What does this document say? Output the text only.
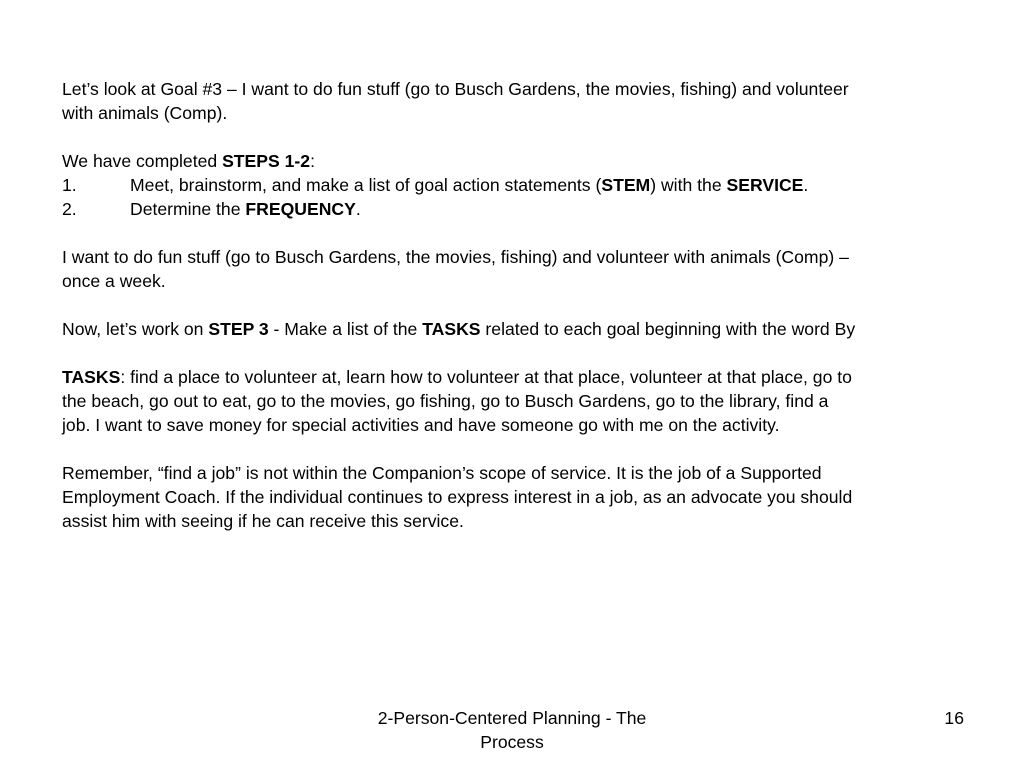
Let’s look at Goal #3 – I want to do fun stuff (go to Busch Gardens, the movies, fishing) and volunteer
with animals (Comp).

We have completed STEPS 1-2:
1.	Meet, brainstorm, and make a list of goal action statements (STEM) with the SERVICE.
2.	Determine the FREQUENCY.

I want to do fun stuff (go to Busch Gardens, the movies, fishing) and volunteer with animals (Comp) –
once a week.

Now, let’s work on STEP 3 - Make a list of the TASKS related to each goal beginning with the word By

TASKS: find a place to volunteer at, learn how to volunteer at that place, volunteer at that place, go to
the beach, go out to eat, go to the movies, go fishing, go to Busch Gardens, go to the library, find a
job. I want to save money for special activities and have someone go with me on the activity.

Remember, “find a job” is not within the Companion’s scope of service. It is the job of a Supported
Employment Coach. If the individual continues to express interest in a job, as an advocate you should
assist him with seeing if he can receive this service.

2-Person-Centered Planning - The
Process
16
